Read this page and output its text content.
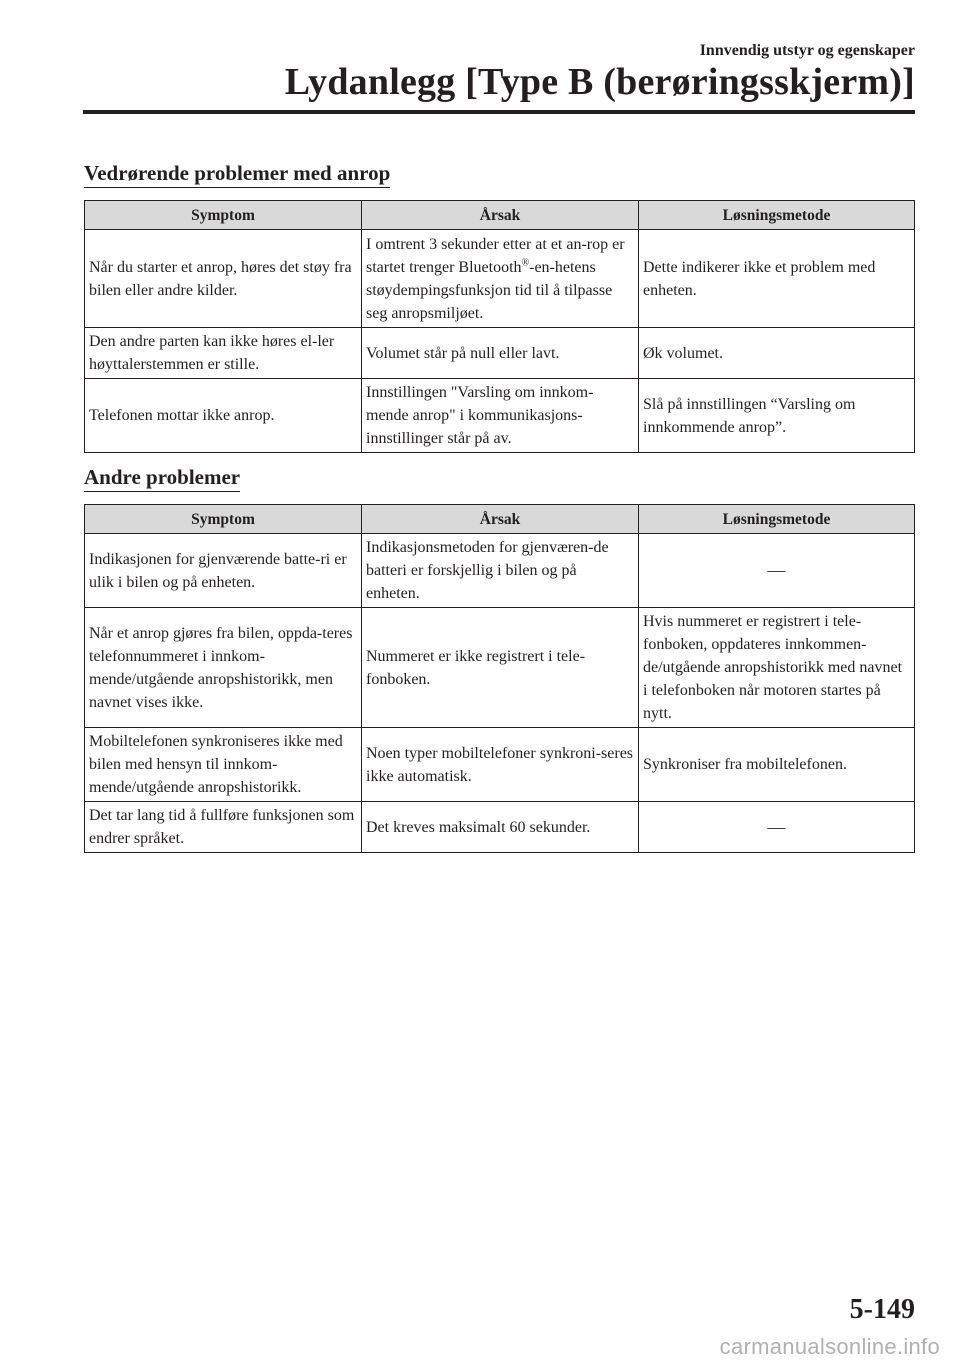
Innvendig utstyr og egenskaper
Lydanlegg [Type B (berøringsskjerm)]
Vedrørende problemer med anrop
Symptom	Årsak	Løsningsmetode
Når du starter et anrop, høres det støy fra bilen eller andre kilder.	I omtrent 3 sekunder etter at et an-rop er startet trenger Bluetooth®-en-hetens støydempingsfunksjon tid til å tilpasse seg anropsmiljøet.	Dette indikerer ikke et problem med enheten.
Den andre parten kan ikke høres el-ler høyttalerstemmen er stille.	Volumet står på null eller lavt.	Øk volumet.
Telefonen mottar ikke anrop.	Innstillingen "Varsling om innkom-mende anrop" i kommunikasjons-innstillinger står på av.	Slå på innstillingen “Varsling om innkommende anrop”.
Andre problemer
Symptom	Årsak	Løsningsmetode
Indikasjonen for gjenværende batte-ri er ulik i bilen og på enheten.	Indikasjonsmetoden for gjenværen-de batteri er forskjellig i bilen og på enheten.	—
Når et anrop gjøres fra bilen, oppda-teres telefonnummeret i innkom-mende/utgående anropshistorikk, men navnet vises ikke.	Nummeret er ikke registrert i tele-fonboken.	Hvis nummeret er registrert i tele-fonboken, oppdateres innkommen-de/utgående anropshistorikk med navnet i telefonboken når motoren startes på nytt.
Mobiltelefonen synkroniseres ikke med bilen med hensyn til innkom-mende/utgående anropshistorikk.	Noen typer mobiltelefoner synkroni-seres ikke automatisk.	Synkroniser fra mobiltelefonen.
Det tar lang tid å fullføre funksjonen som endrer språket.	Det kreves maksimalt 60 sekunder.	—
5-149
carmanualsonline.info
